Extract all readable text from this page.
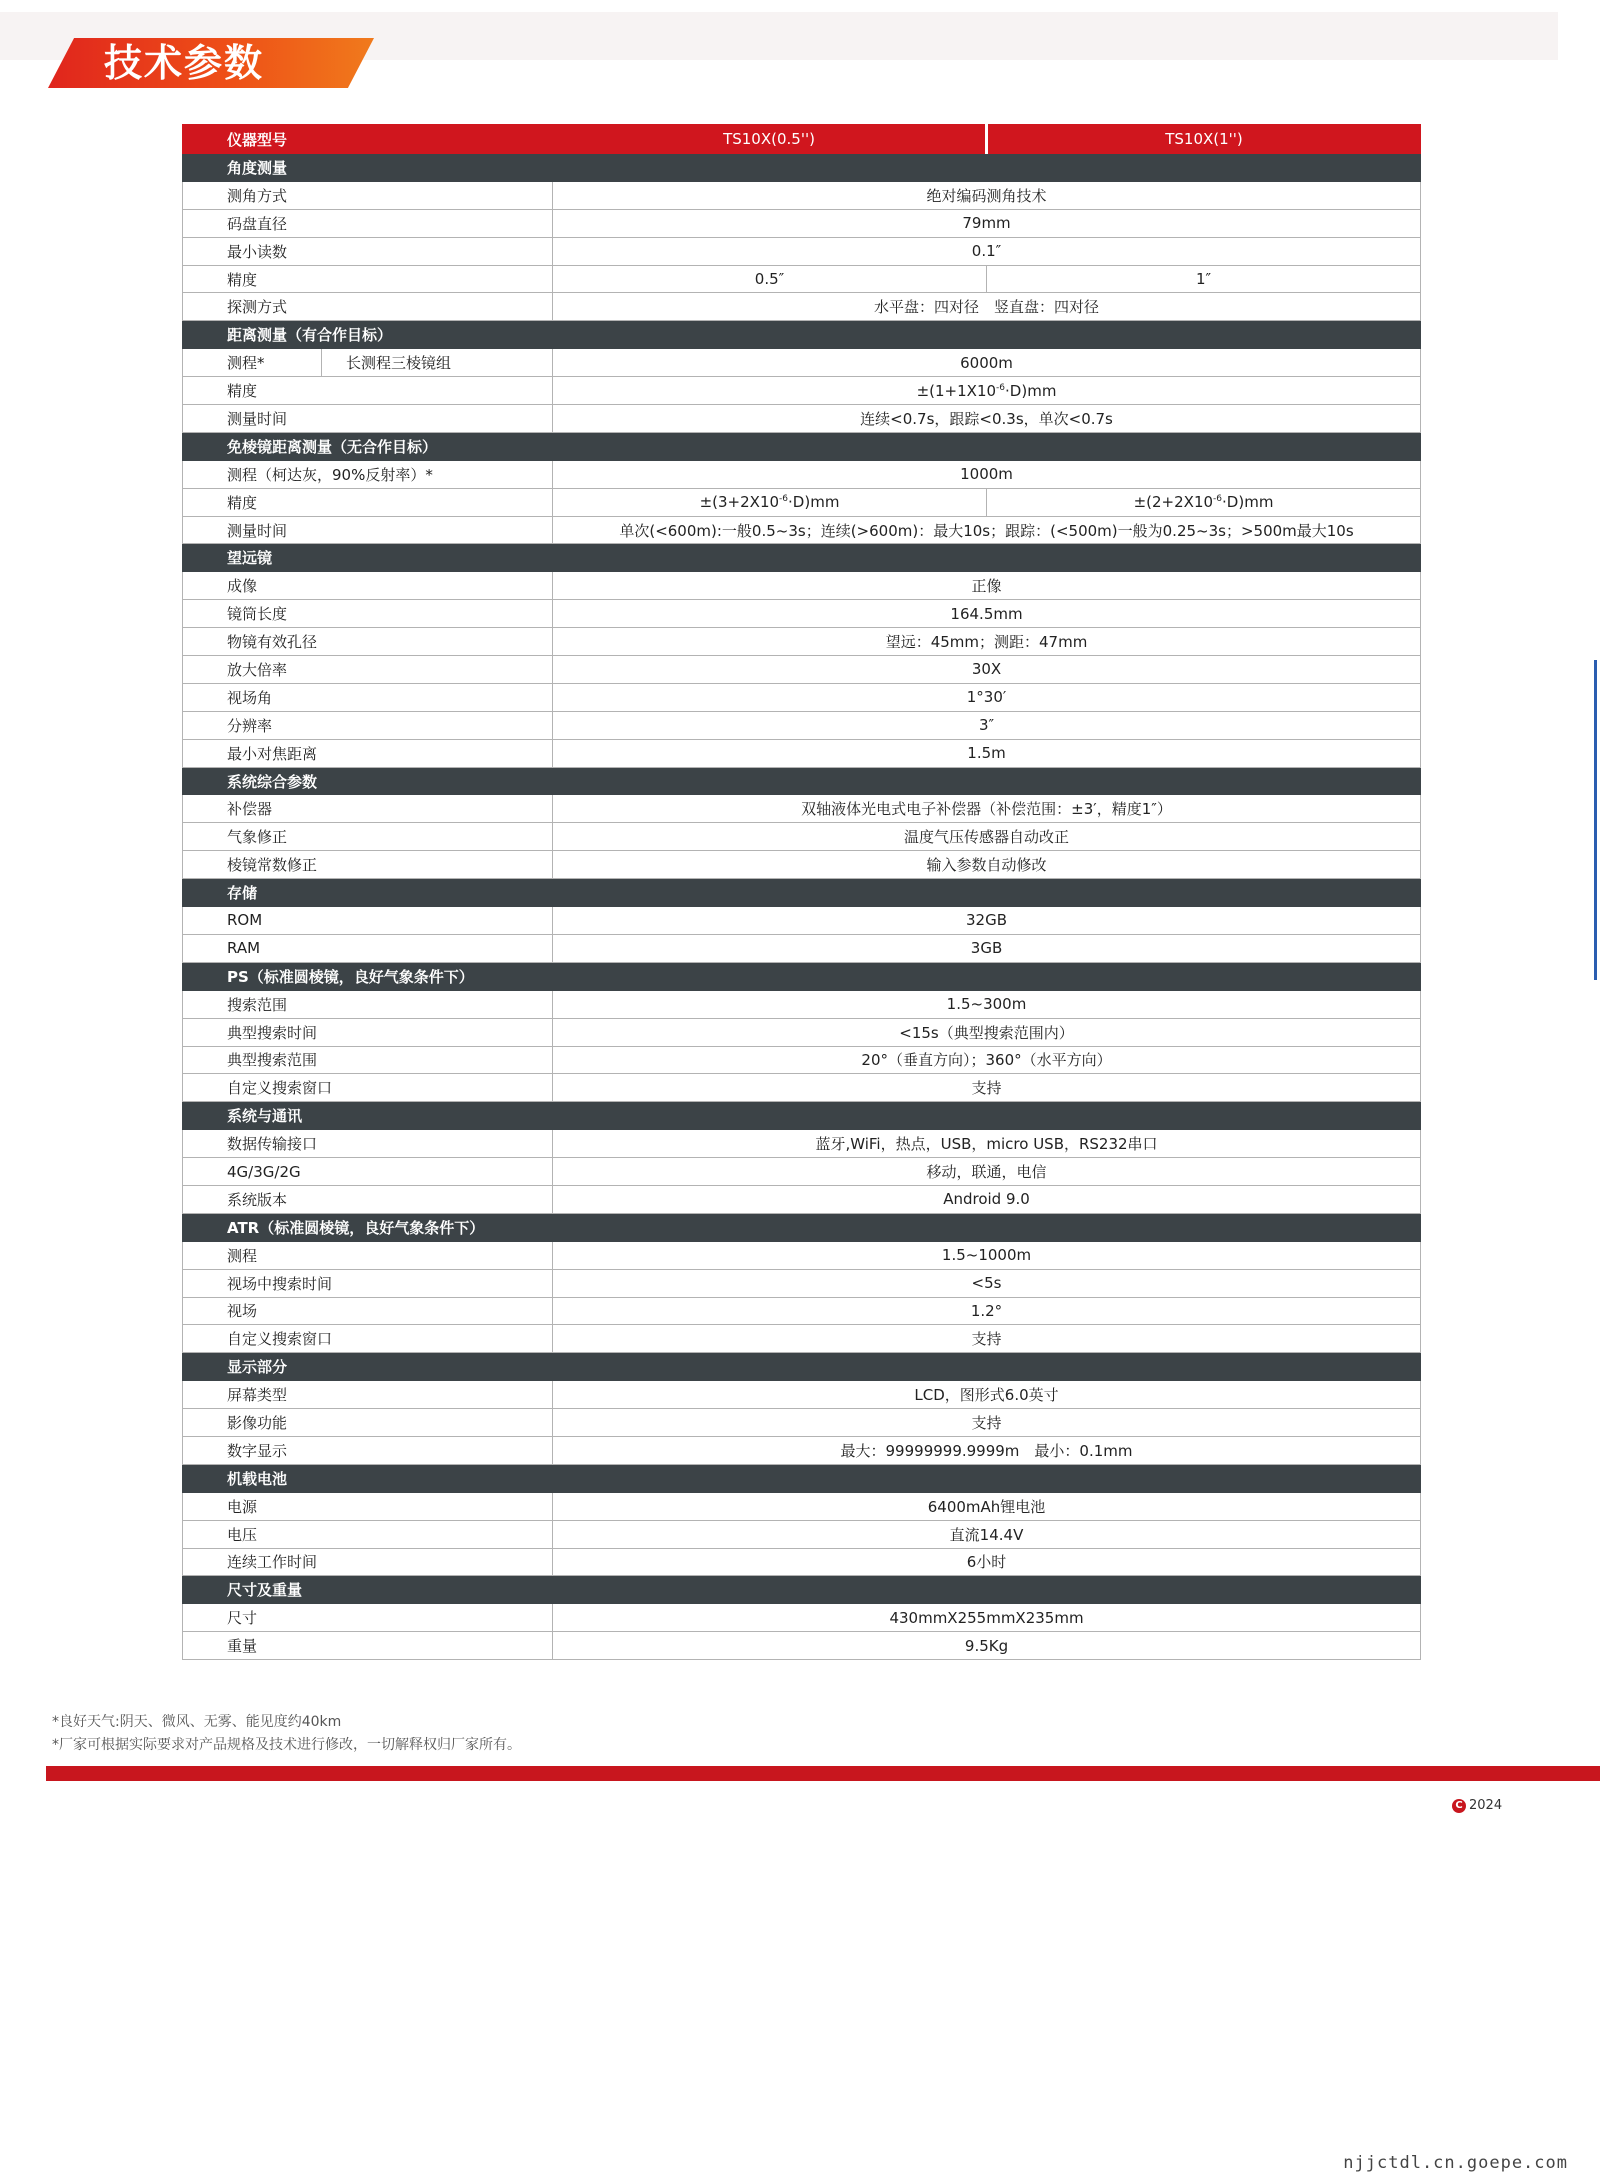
技术参数
仪器型号		TS10X(0.5'')	TS10X(1'')
角度测量			
测角方式		绝对编码测角技术	
码盘直径		79mm	
最小读数		0.1″	
精度		0.5″	1″
探测方式		水平盘：四对径　竖直盘：四对径	
距离测量（有合作目标）			
测程*	长测程三棱镜组	6000m	
精度		$\pm(1+1X10^{-6}\cdot D)mm$	
测量时间		连续<0.7s，跟踪<0.3s，单次<0.7s	
免棱镜距离测量（无合作目标）			
测程（柯达灰，90%反射率）*		1000m	
精度		$\pm(3+2X10^{-6}\cdot D)mm$	$\pm(2+2X10^{-6}\cdot D)mm$
测量时间		单次(<600m):一般0.5~3s；连续(>600m)：最大10s；跟踪：(<500m)一般为0.25~3s；>500m最大10s	
望远镜			
成像		正像	
镜筒长度		164.5mm	
物镜有效孔径		望远：45mm；测距：47mm	
放大倍率		30X	
视场角		1°30′	
分辨率		3″	
最小对焦距离		1.5m	
系统综合参数			
补偿器		双轴液体光电式电子补偿器（补偿范围：±3′，精度1″）	
气象修正		温度气压传感器自动改正	
棱镜常数修正		输入参数自动修改	
存储			
ROM		32GB	
RAM		3GB	
PS（标准圆棱镜，良好气象条件下）			
搜索范围		1.5~300m	
典型搜索时间		<15s（典型搜索范围内）	
典型搜索范围		20°（垂直方向）；360°（水平方向）	
自定义搜索窗口		支持	
系统与通讯			
数据传输接口		蓝牙,WiFi，热点，USB，micro USB，RS232串口	
4G/3G/2G		移动，联通，电信	
系统版本		Android 9.0	
ATR（标准圆棱镜，良好气象条件下）			
测程		1.5~1000m	
视场中搜索时间		<5s	
视场		1.2°	
自定义搜索窗口		支持	
显示部分			
屏幕类型		LCD，图形式6.0英寸	
影像功能		支持	
数字显示		最大：99999999.9999m　最小：0.1mm	
机载电池			
电源		6400mAh锂电池	
电压		直流14.4V	
连续工作时间		6小时	
尺寸及重量			
尺寸		430mmX255mmX235mm	
重量		9.5Kg	
*良好天气:阴天、微风、无雾、能见度约40km
*厂家可根据实际要求对产品规格及技术进行修改，一切解释权归厂家所有。
C 2024
njjctdl.cn.goepe.com
